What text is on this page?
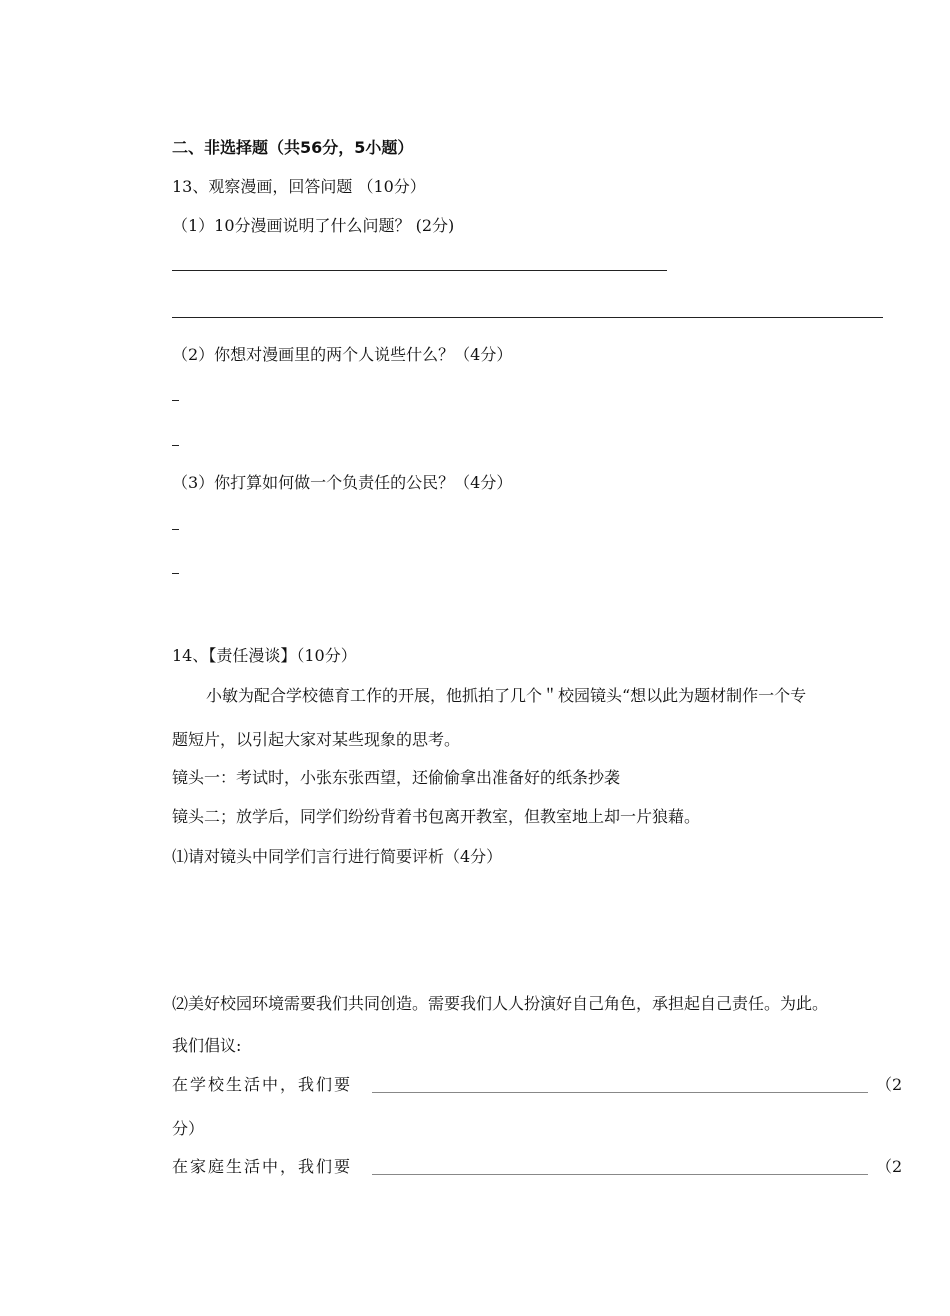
二、非选择题（共56分，5小题）
13、观察漫画，回答问题 （10分）
（1）10分漫画说明了什么问题？ (2分)
（2）你想对漫画里的两个人说些什么？（4分）
（3）你打算如何做一个负责任的公民？（4分）
14、【责任漫谈】（10分）
小敏为配合学校德育工作的开展，他抓拍了几个＂校园镜头“想以此为题材制作一个专
题短片，以引起大家对某些现象的思考。
镜头一：考试时，小张东张西望，还偷偷拿出准备好的纸条抄袭
镜头二；放学后，同学们纷纷背着书包离开教室，但教室地上却一片狼藉。
⑴请对镜头中同学们言行进行简要评析（4分）
⑵美好校园环境需要我们共同创造。需要我们人人扮演好自己角色，承担起自己责任。为此。
我们倡议:
在学校生活中，我们要	（2
分）
在家庭生活中，我们要	（2
